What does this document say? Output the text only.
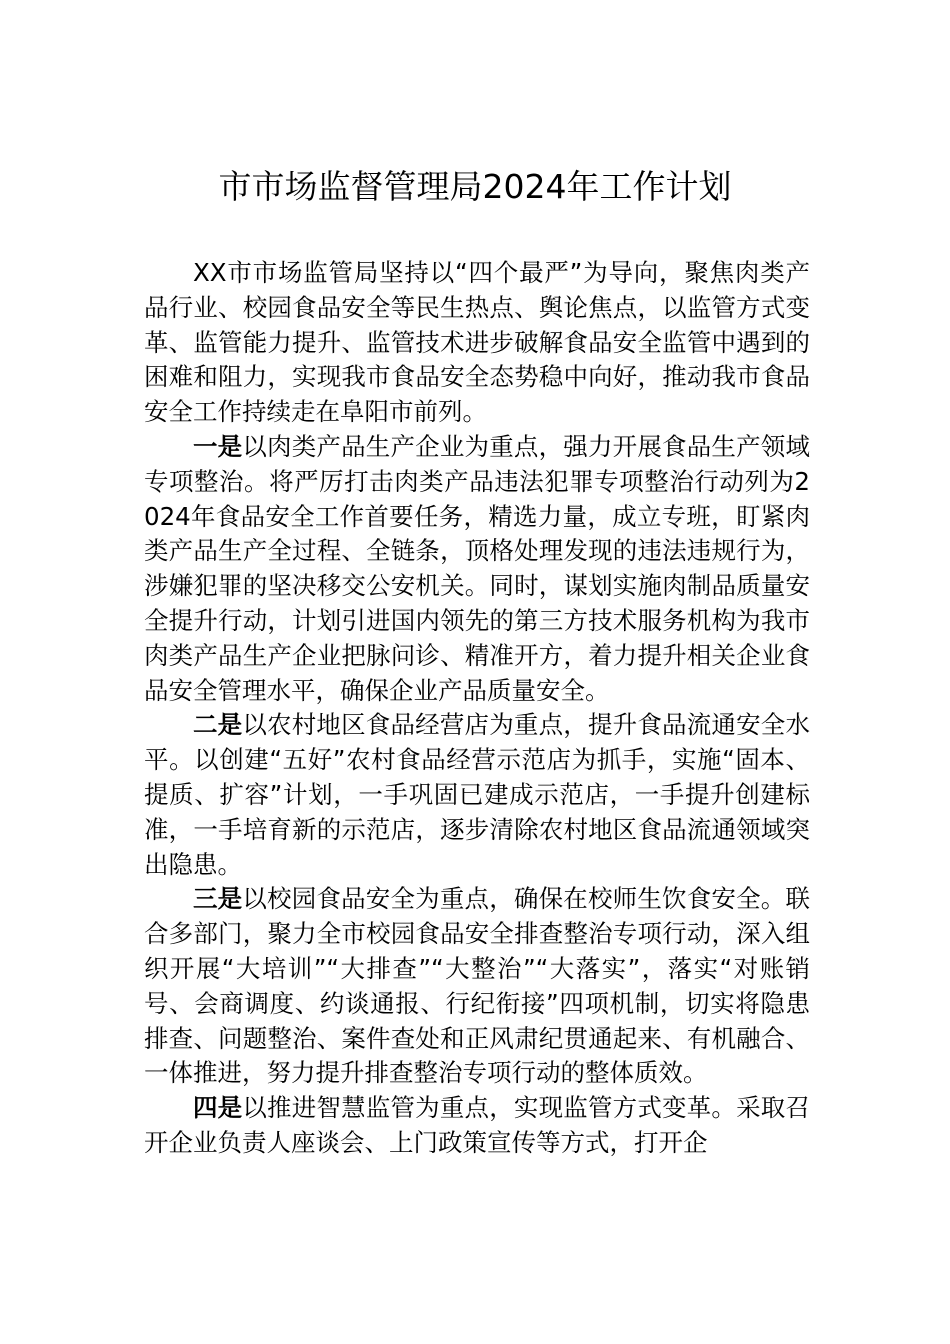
市市场监督管理局2024年工作计划

XX市市场监管局坚持以“四个最严”为导向，聚焦肉类产品行业、校园食品安全等民生热点、舆论焦点，以监管方式变革、监管能力提升、监管技术进步破解食品安全监管中遇到的困难和阻力，实现我市食品安全态势稳中向好，推动我市食品安全工作持续走在阜阳市前列。

一是以肉类产品生产企业为重点，强力开展食品生产领域专项整治。将严厉打击肉类产品违法犯罪专项整治行动列为2024年食品安全工作首要任务，精选力量，成立专班，盯紧肉类产品生产全过程、全链条，顶格处理发现的违法违规行为，涉嫌犯罪的坚决移交公安机关。同时，谋划实施肉制品质量安全提升行动，计划引进国内领先的第三方技术服务机构为我市肉类产品生产企业把脉问诊、精准开方，着力提升相关企业食品安全管理水平，确保企业产品质量安全。

二是以农村地区食品经营店为重点，提升食品流通安全水平。以创建“五好”农村食品经营示范店为抓手，实施“固本、提质、扩容”计划，一手巩固已建成示范店，一手提升创建标准，一手培育新的示范店，逐步清除农村地区食品流通领域突出隐患。

三是以校园食品安全为重点，确保在校师生饮食安全。联合多部门，聚力全市校园食品安全排查整治专项行动，深入组织开展“大培训”“大排查”“大整治”“大落实”，落实“对账销号、会商调度、约谈通报、行纪衔接”四项机制，切实将隐患排查、问题整治、案件查处和正风肃纪贯通起来、有机融合、一体推进，努力提升排查整治专项行动的整体质效。

四是以推进智慧监管为重点，实现监管方式变革。采取召开企业负责人座谈会、上门政策宣传等方式，打开企
